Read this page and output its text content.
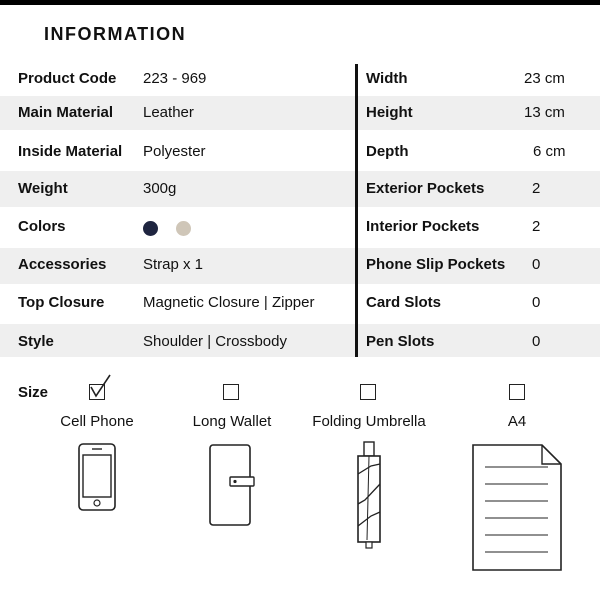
INFORMATION
Product Code 223 - 969
Main Material Leather
Inside Material Polyester
Weight	300g
Colors
Accessories Strap x 1
Top Closure	Magnetic Closure | Zipper
Style	Shoulder | Crossbody
Width	23 cm
Height	13 cm
Depth	6 cm
Exterior Pockets	2
Interior Pockets	2
Phone Slip Pockets 0
Card Slots	0
Pen Slots	0
Size
Cell Phone	Long Wallet	Folding Umbrella	A4
